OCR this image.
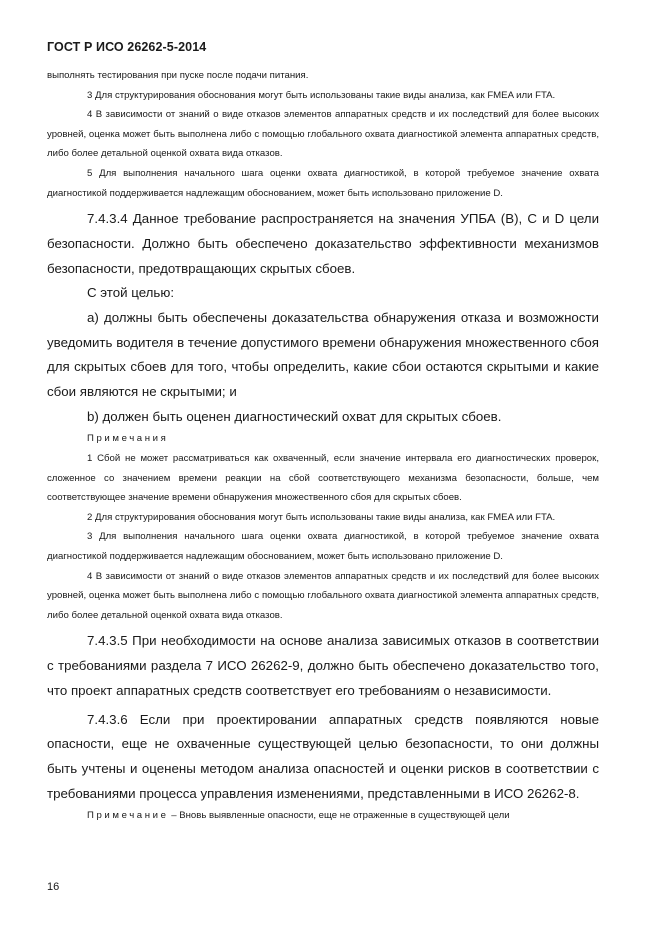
ГОСТ Р ИСО 26262-5-2014

выполнять тестирования при пуске после подачи питания.

3 Для структурирования обоснования могут быть использованы такие виды анализа, как FMEA или FTA.

4 В зависимости от знаний о виде отказов элементов аппаратных средств и их последствий для более высоких уровней, оценка может быть выполнена либо с помощью глобального охвата диагностикой элемента аппаратных средств, либо более детальной оценкой охвата вида отказов.

5 Для выполнения начального шага оценки охвата диагностикой, в которой требуемое значение охвата диагностикой поддерживается надлежащим обоснованием, может быть использовано приложение D.

7.4.3.4 Данное требование распространяется на значения УПБА (В), С и D цели безопасности. Должно быть обеспечено доказательство эффективности механизмов безопасности, предотвращающих скрытых сбоев.

С этой целью:

a) должны быть обеспечены доказательства обнаружения отказа и возможности уведомить водителя в течение допустимого времени обнаружения множественного сбоя для скрытых сбоев для того, чтобы определить, какие сбои остаются скрытыми и какие сбои являются не скрытыми; и

b) должен быть оценен диагностический охват для скрытых сбоев.

Примечания

1 Сбой не может рассматриваться как охваченный, если значение интервала его диагностических проверок, сложенное со значением времени реакции на сбой соответствующего механизма безопасности, больше, чем соответствующее значение времени обнаружения множественного сбоя для скрытых сбоев.

2 Для структурирования обоснования могут быть использованы такие виды анализа, как FMEA или FTA.

3 Для выполнения начального шага оценки охвата диагностикой, в которой требуемое значение охвата диагностикой поддерживается надлежащим обоснованием, может быть использовано приложение D.

4 В зависимости от знаний о виде отказов элементов аппаратных средств и их последствий для более высоких уровней, оценка может быть выполнена либо с помощью глобального охвата диагностикой элемента аппаратных средств, либо более детальной оценкой охвата вида отказов.

7.4.3.5 При необходимости на основе анализа зависимых отказов в соответствии с требованиями раздела 7 ИСО 26262-9, должно быть обеспечено доказательство того, что проект аппаратных средств соответствует его требованиям о независимости.

7.4.3.6 Если при проектировании аппаратных средств появляются новые опасности, еще не охваченные существующей целью безопасности, то они должны быть учтены и оценены методом анализа опасностей и оценки рисков в соответствии с требованиями процесса управления изменениями, представленными в ИСО 26262-8.

Примечание – Вновь выявленные опасности, еще не отраженные в существующей цели

16
